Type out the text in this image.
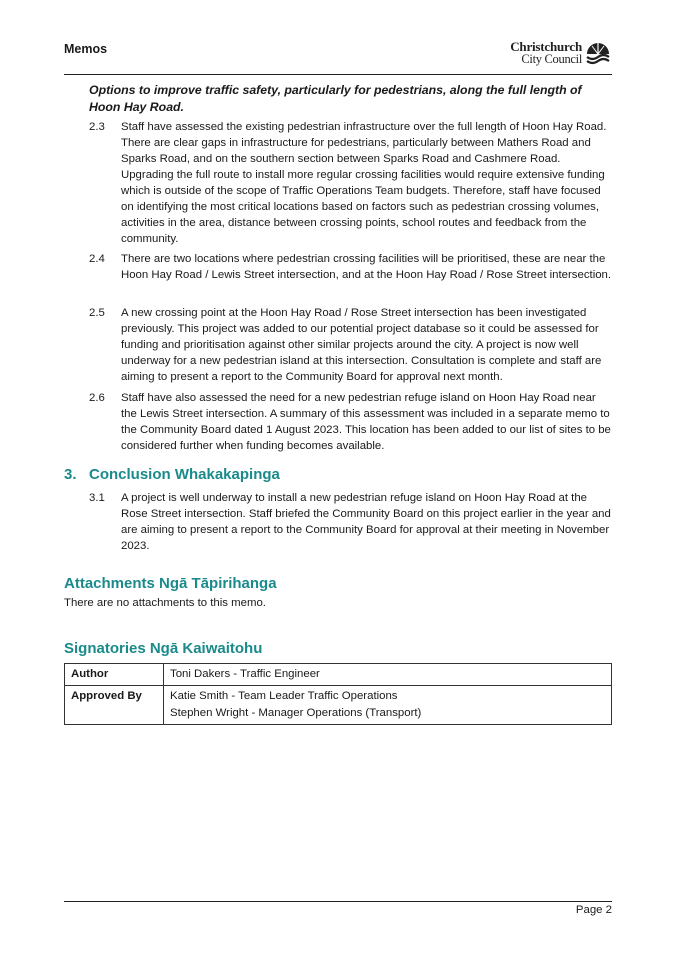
Memos	Christchurch
City Council
Options to improve traffic safety, particularly for pedestrians, along the full length of Hoon Hay Road.
2.3 Staff have assessed the existing pedestrian infrastructure over the full length of Hoon Hay Road. There are clear gaps in infrastructure for pedestrians, particularly between Mathers Road and Sparks Road, and on the southern section between Sparks Road and Cashmere Road. Upgrading the full route to install more regular crossing facilities would require extensive funding which is outside of the scope of Traffic Operations Team budgets. Therefore, staff have focused on identifying the most critical locations based on factors such as pedestrian crossing volumes, activities in the area, distance between crossing points, school routes and feedback from the community.
2.4 There are two locations where pedestrian crossing facilities will be prioritised, these are near the Hoon Hay Road / Lewis Street intersection, and at the Hoon Hay Road / Rose Street intersection.
2.5 A new crossing point at the Hoon Hay Road / Rose Street intersection has been investigated previously. This project was added to our potential project database so it could be assessed for funding and prioritisation against other similar projects around the city. A project is now well underway for a new pedestrian island at this intersection. Consultation is complete and staff are aiming to present a report to the Community Board for approval next month.
2.6 Staff have also assessed the need for a new pedestrian refuge island on Hoon Hay Road near the Lewis Street intersection. A summary of this assessment was included in a separate memo to the Community Board dated 1 August 2023. This location has been added to our list of sites to be considered further when funding becomes available.
3. Conclusion Whakakapinga
3.1 A project is well underway to install a new pedestrian refuge island on Hoon Hay Road at the Rose Street intersection. Staff briefed the Community Board on this project earlier in the year and are aiming to present a report to the Community Board for approval at their meeting in November 2023.
Attachments Ngā Tāpirihanga
There are no attachments to this memo.
Signatories Ngā Kaiwaitohu
Author	Toni Dakers - Traffic Engineer
Approved By	Katie Smith - Team Leader Traffic Operations
Stephen Wright - Manager Operations (Transport)
Page 2
